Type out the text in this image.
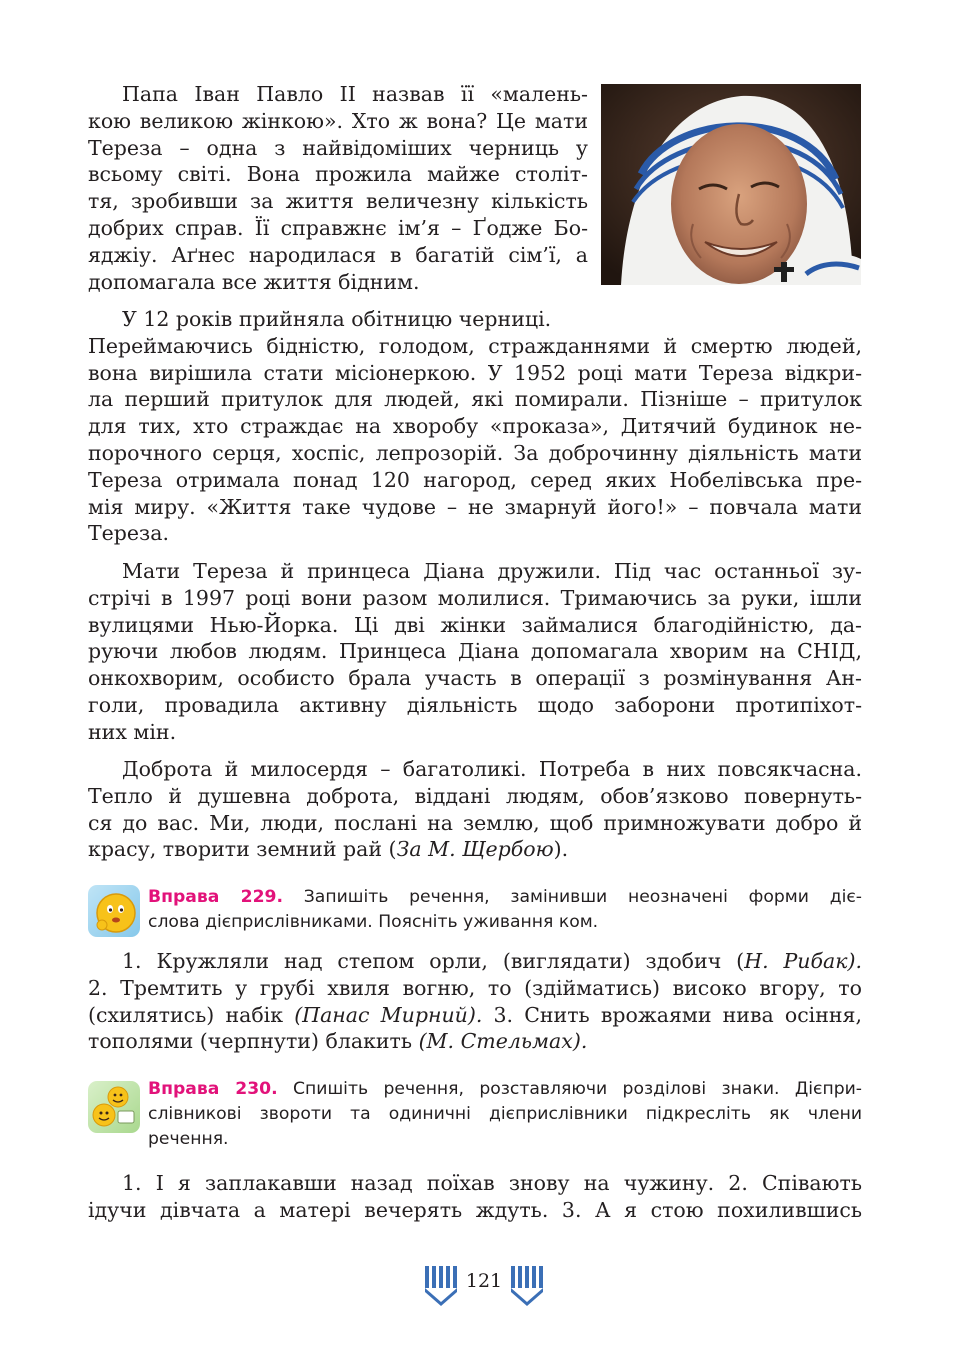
Папа Іван Павло ІІ назвав її «малень-
кою великою жінкою». Хто ж вона? Це мати
Тереза – одна з найвідоміших черниць у
всьому світі. Вона прожила майже століт-
тя, зробивши за життя величезну кількість
добрих справ. Її справжнє ім’я – Ґодже Бо-
яджіу. Аґнес народилася в багатій сім’ї, а
допомагала все життя бідним.
У 12 років прийняла обітницю черниці.
Переймаючись бідністю, голодом, стражданнями й смертю людей,
вона вирішила стати місіонеркою. У 1952 році мати Тереза відкри-
ла перший притулок для людей, які помирали. Пізніше – притулок
для тих, хто страждає на хворобу «проказа», Дитячий будинок не-
порочного серця, хоспіс, лепрозорій. За доброчинну діяльність мати
Тереза отримала понад 120 нагород, серед яких Нобелівська пре-
мія миру. «Життя таке чудове – не змарнуй його!» – повчала мати
Тереза.
Мати Тереза й принцеса Діана дружили. Під час останньої зу-
стрічі в 1997 році вони разом молилися. Тримаючись за руки, ішли
вулицями Нью-Йорка. Ці дві жінки займалися благодійністю, да-
руючи любов людям. Принцеса Діана допомагала хворим на СНІД,
онкохворим, особисто брала участь в операції з розмінування Ан-
голи, провадила активну діяльність щодо заборони протипіхот-
них мін.
Доброта й милосердя – багатоликі. Потреба в них повсякчасна.
Тепло й душевна доброта, віддані людям, обов’язково повернуть-
ся до вас. Ми, люди, послані на землю, щоб примножувати добро й
красу, творити земний рай (За М. Щербою).
Вправа 229. Запишіть речення, замінивши неозначені форми діє-
слова дієприслівниками. Поясніть уживання ком.
1. Кружляли над степом орли, (виглядати) здобич (Н. Рибак).
2. Тремтить у грубі хвиля вогню, то (здійматись) високо вгору, то
(схилятись) набік (Панас Мирний). 3. Снить врожаями нива осіння,
тополями (черпнути) блакить (М. Стельмах).
Вправа 230. Спишіть речення, розставляючи розділові знаки. Дієпри-
слівникові звороти та одиничні дієприслівники підкресліть як члени
речення.
1. І я заплакавши назад поїхав знову на чужину. 2. Співають
ідучи дівчата а матері вечерять ждуть. 3. А я стою похилившись
121
